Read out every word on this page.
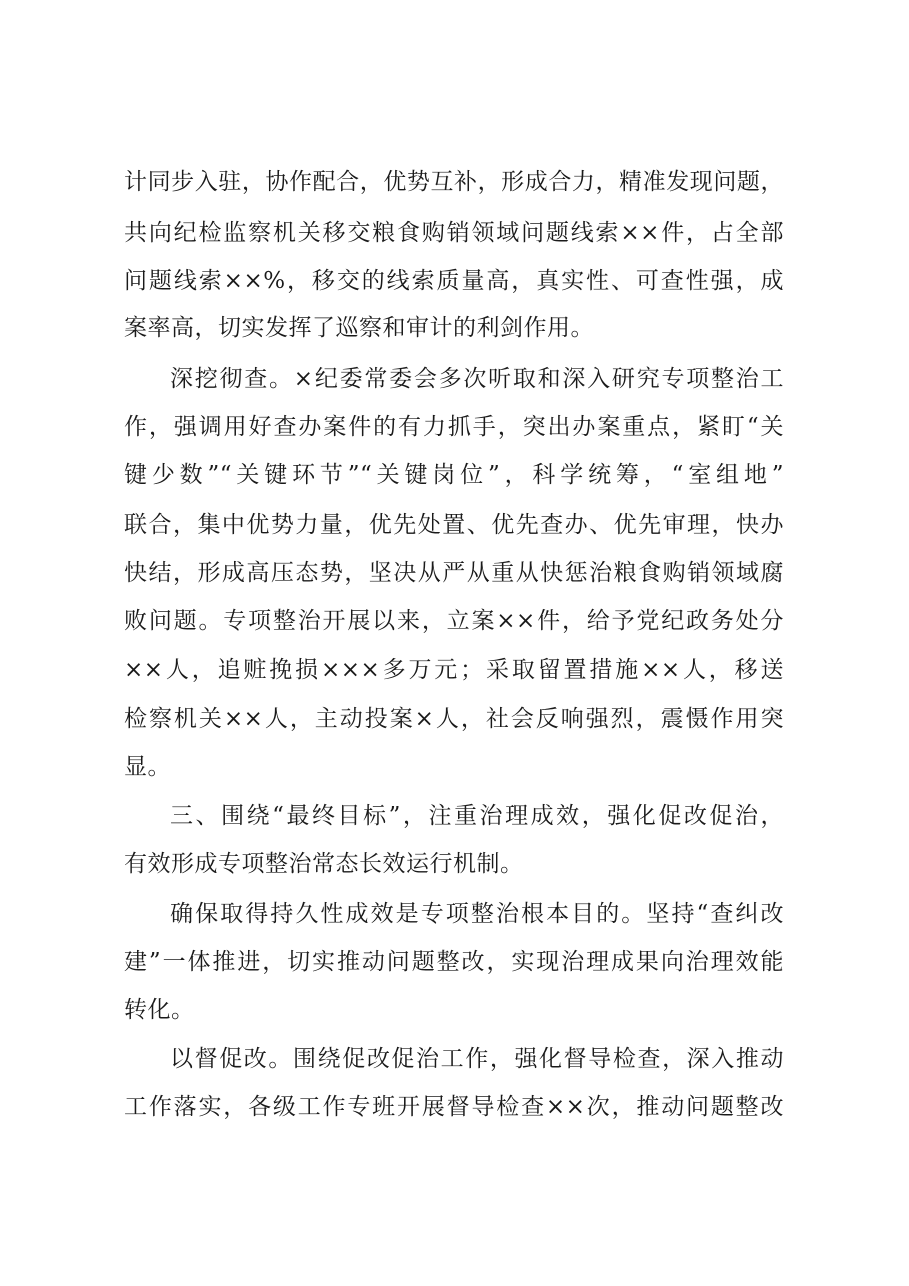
计同步入驻，协作配合，优势互补，形成合力，精准发现问题，
共向纪检监察机关移交粮食购销领域问题线索××件，占全部
问题线索××%，移交的线索质量高，真实性、可查性强，成
案率高，切实发挥了巡察和审计的利剑作用。
深挖彻查。×纪委常委会多次听取和深入研究专项整治工
作，强调用好查办案件的有力抓手，突出办案重点，紧盯“关
键少数”“关键环节”“关键岗位”，科学统筹，“室组地”
联合，集中优势力量，优先处置、优先查办、优先审理，快办
快结，形成高压态势，坚决从严从重从快惩治粮食购销领域腐
败问题。专项整治开展以来，立案××件，给予党纪政务处分
××人，追赃挽损×××多万元；采取留置措施××人，移送
检察机关××人，主动投案×人，社会反响强烈，震慑作用突
显。
三、围绕“最终目标”，注重治理成效，强化促改促治，
有效形成专项整治常态长效运行机制。
确保取得持久性成效是专项整治根本目的。坚持“查纠改
建”一体推进，切实推动问题整改，实现治理成果向治理效能
转化。
以督促改。围绕促改促治工作，强化督导检查，深入推动
工作落实，各级工作专班开展督导检查××次，推动问题整改
